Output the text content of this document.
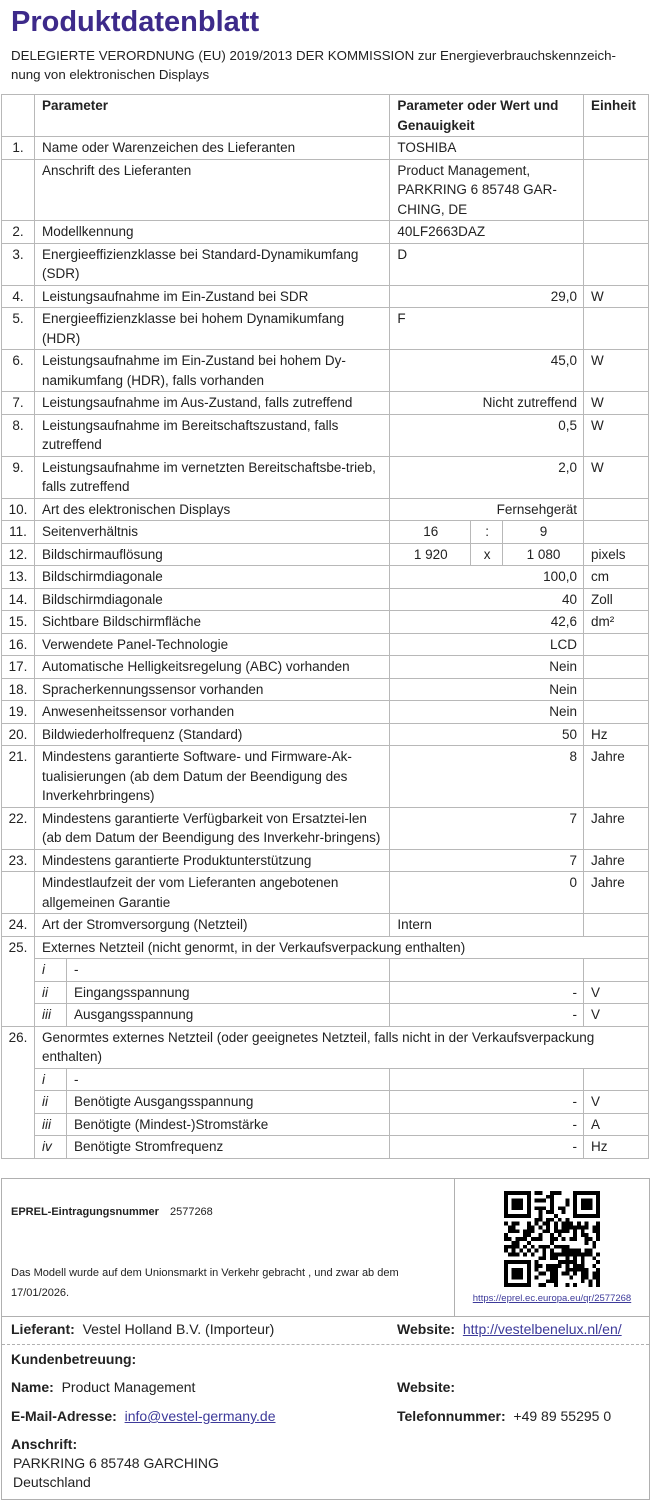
Produktdatenblatt
DELEGIERTE VERORDNUNG (EU) 2019/2013 DER KOMMISSION zur Energieverbrauchskennzeich-nung von elektronischen Displays
	Parameter		Parameter oder Wert und Genauigkeit			Einheit
1.	Name oder Warenzeichen des Lieferanten		TOSHIBA			
	Anschrift des Lieferanten		Product Management, PARKRING 6 85748 GAR-CHING, DE			
2.	Modellkennung		40LF2663DAZ			
3.	Energieeffizienzklasse bei Standard-Dynamikumfang (SDR)		D			
4.	Leistungsaufnahme im Ein-Zustand bei SDR		29,0			W
5.	Energieeffizienzklasse bei hohem Dynamikumfang (HDR)		F			
6.	Leistungsaufnahme im Ein-Zustand bei hohem Dy-namikumfang (HDR), falls vorhanden		45,0			W
7.	Leistungsaufnahme im Aus-Zustand, falls zutreffend		Nicht zutreffend			W
8.	Leistungsaufnahme im Bereitschaftszustand, falls zutreffend		0,5			W
9.	Leistungsaufnahme im vernetzten Bereitschaftsbe-trieb, falls zutreffend		2,0			W
10.	Art des elektronischen Displays		Fernsehgerät			
11.	Seitenverhältnis		16	:	9	
12.	Bildschirmauflösung		1 920	x	1 080	pixels
13.	Bildschirmdiagonale		100,0			cm
14.	Bildschirmdiagonale		40			Zoll
15.	Sichtbare Bildschirmfläche		42,6			dm²
16.	Verwendete Panel-Technologie		LCD			
17.	Automatische Helligkeitsregelung (ABC) vorhanden		Nein			
18.	Spracherkennungssensor vorhanden		Nein			
19.	Anwesenheitssensor vorhanden		Nein			
20.	Bildwiederholfrequenz (Standard)		50			Hz
21.	Mindestens garantierte Software- und Firmware-Ak-tualisierungen (ab dem Datum der Beendigung des Inverkehrbringens)		8			Jahre
22.	Mindestens garantierte Verfügbarkeit von Ersatztei-len (ab dem Datum der Beendigung des Inverkehr-bringens)		7			Jahre
23.	Mindestens garantierte Produktunterstützung		7			Jahre
	Mindestlaufzeit der vom Lieferanten angebotenen allgemeinen Garantie		0			Jahre
24.	Art der Stromversorgung (Netzteil)		Intern			
25.	Externes Netzteil (nicht genormt, in der Verkaufsverpackung enthalten)					
	i	-				
	ii	Eingangsspannung	-			V
	iii	Ausgangsspannung	-			V
26.	Genormtes externes Netzteil (oder geeignetes Netzteil, falls nicht in der Verkaufsverpackung enthalten)					
	i	-				
	ii	Benötigte Ausgangsspannung	-			V
	iii	Benötigte (Mindest-)Stromstärke	-			A
	iv	Benötigte Stromfrequenz	-			Hz
EPREL-Eintragungsnummer 2577268
Das Modell wurde auf dem Unionsmarkt in Verkehr gebracht , und zwar ab dem 17/01/2026.	https://eprel.ec.europa.eu/qr/2577268
Lieferant: Vestel Holland B.V. (Importeur)	Website: http://vestelbenelux.nl/en/
Kundenbetreuung:
Name: Product Management	Website:
E-Mail-Adresse: info@vestel-germany.de	Telefonnummer: +49 89 55295 0
Anschrift:
PARKRING 6 85748 GARCHING
Deutschland
